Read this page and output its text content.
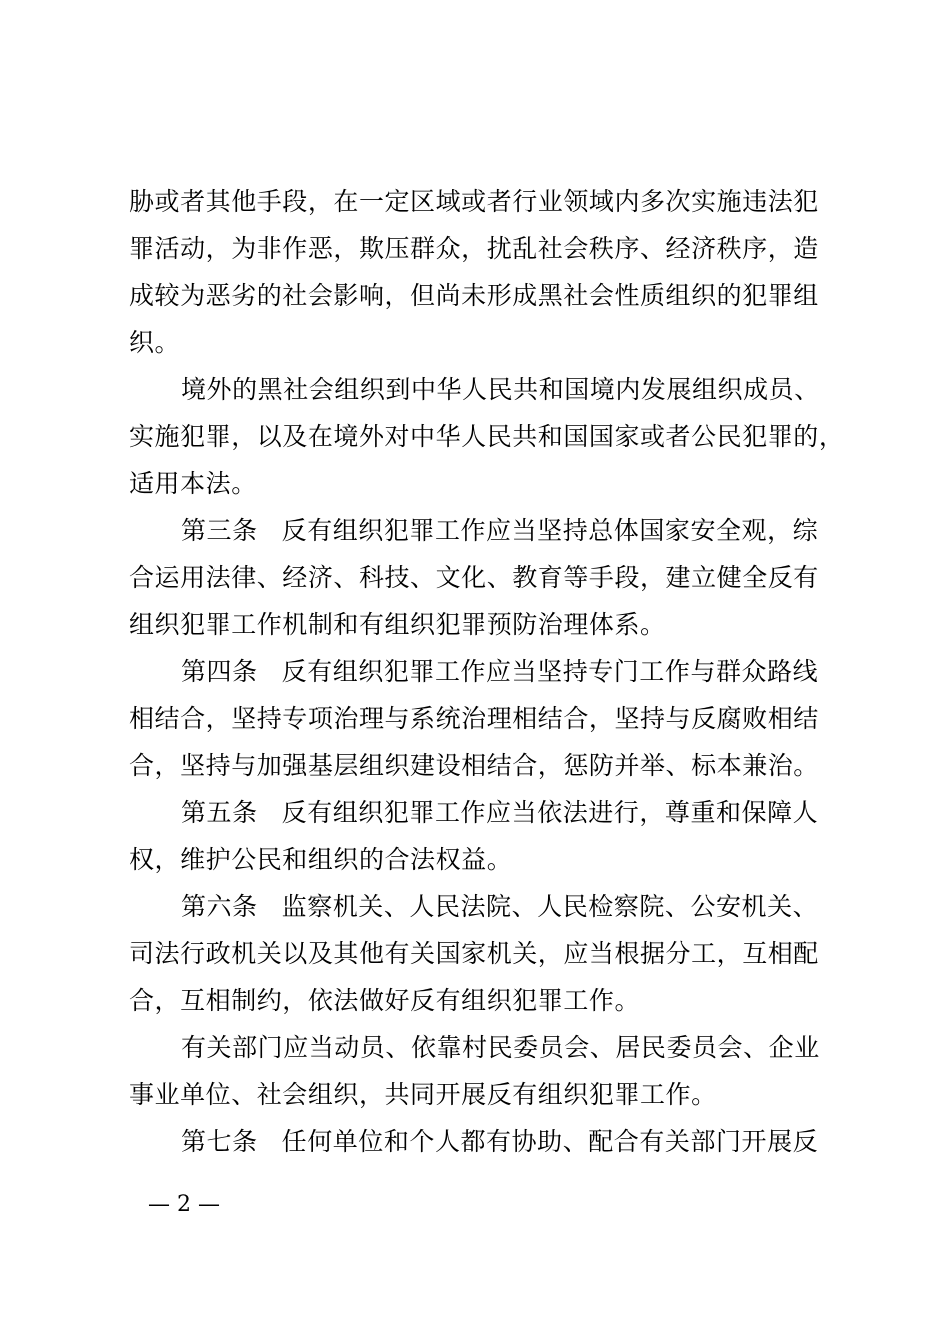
胁或者其他手段，在一定区域或者行业领域内多次实施违法犯
罪活动，为非作恶，欺压群众，扰乱社会秩序、经济秩序，造
成较为恶劣的社会影响，但尚未形成黑社会性质组织的犯罪组
织。
境外的黑社会组织到中华人民共和国境内发展组织成员、
实施犯罪，以及在境外对中华人民共和国国家或者公民犯罪的，
适用本法。
第三条 反有组织犯罪工作应当坚持总体国家安全观，综
合运用法律、经济、科技、文化、教育等手段，建立健全反有
组织犯罪工作机制和有组织犯罪预防治理体系。
第四条 反有组织犯罪工作应当坚持专门工作与群众路线
相结合，坚持专项治理与系统治理相结合，坚持与反腐败相结
合，坚持与加强基层组织建设相结合，惩防并举、标本兼治。
第五条 反有组织犯罪工作应当依法进行，尊重和保障人
权，维护公民和组织的合法权益。
第六条 监察机关、人民法院、人民检察院、公安机关、
司法行政机关以及其他有关国家机关，应当根据分工，互相配
合，互相制约，依法做好反有组织犯罪工作。
有关部门应当动员、依靠村民委员会、居民委员会、企业
事业单位、社会组织，共同开展反有组织犯罪工作。
第七条 任何单位和个人都有协助、配合有关部门开展反
— 2 —
